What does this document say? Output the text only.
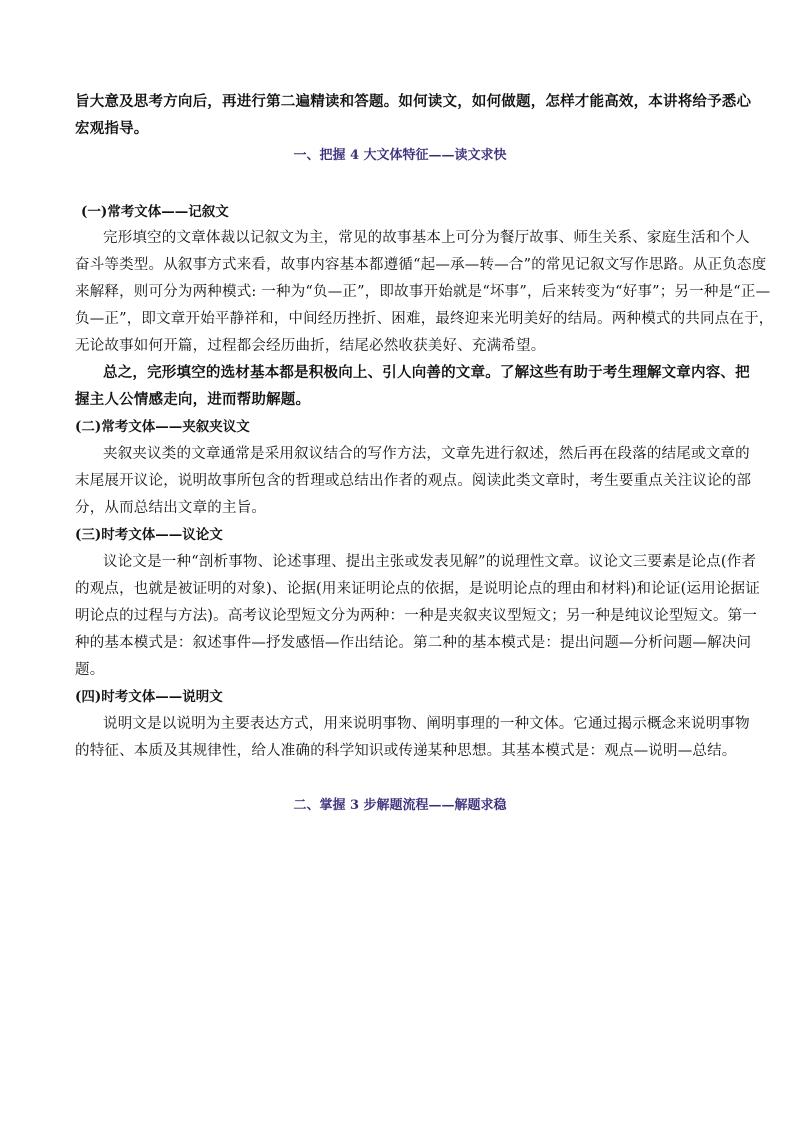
旨大意及思考方向后，再进行第二遍精读和答题。如何读文，如何做题，怎样才能高效，本讲将给予悉心
宏观指导。
一、把握 4 大文体特征——读文求快
(一)常考文体——记叙文
完形填空的文章体裁以记叙文为主，常见的故事基本上可分为餐厅故事、师生关系、家庭生活和个人
奋斗等类型。从叙事方式来看，故事内容基本都遵循“起—承—转—合”的常见记叙文写作思路。从正负态度
来解释，则可分为两种模式: 一种为“负—正”，即故事开始就是“坏事”，后来转变为“好事”；另一种是“正—
负—正”，即文章开始平静祥和，中间经历挫折、困难，最终迎来光明美好的结局。两种模式的共同点在于，
无论故事如何开篇，过程都会经历曲折，结尾必然收获美好、充满希望。
总之，完形填空的选材基本都是积极向上、引人向善的文章。了解这些有助于考生理解文章内容、把
握主人公情感走向，进而帮助解题。
(二)常考文体——夹叙夹议文
夹叙夹议类的文章通常是采用叙议结合的写作方法，文章先进行叙述，然后再在段落的结尾或文章的
末尾展开议论，说明故事所包含的哲理或总结出作者的观点。阅读此类文章时，考生要重点关注议论的部
分，从而总结出文章的主旨。
(三)时考文体——议论文
议论文是一种“剖析事物、论述事理、提出主张或发表见解”的说理性文章。议论文三要素是论点(作者
的观点，也就是被证明的对象)、论据(用来证明论点的依据，是说明论点的理由和材料)和论证(运用论据证
明论点的过程与方法)。高考议论型短文分为两种：一种是夹叙夹议型短文；另一种是纯议论型短文。第一
种的基本模式是：叙述事件—抒发感悟—作出结论。第二种的基本模式是：提出问题—分析问题—解决问
题。
(四)时考文体——说明文
说明文是以说明为主要表达方式，用来说明事物、阐明事理的一种文体。它通过揭示概念来说明事物
的特征、本质及其规律性，给人准确的科学知识或传递某种思想。其基本模式是：观点—说明—总结。
二、掌握 3 步解题流程——解题求稳
